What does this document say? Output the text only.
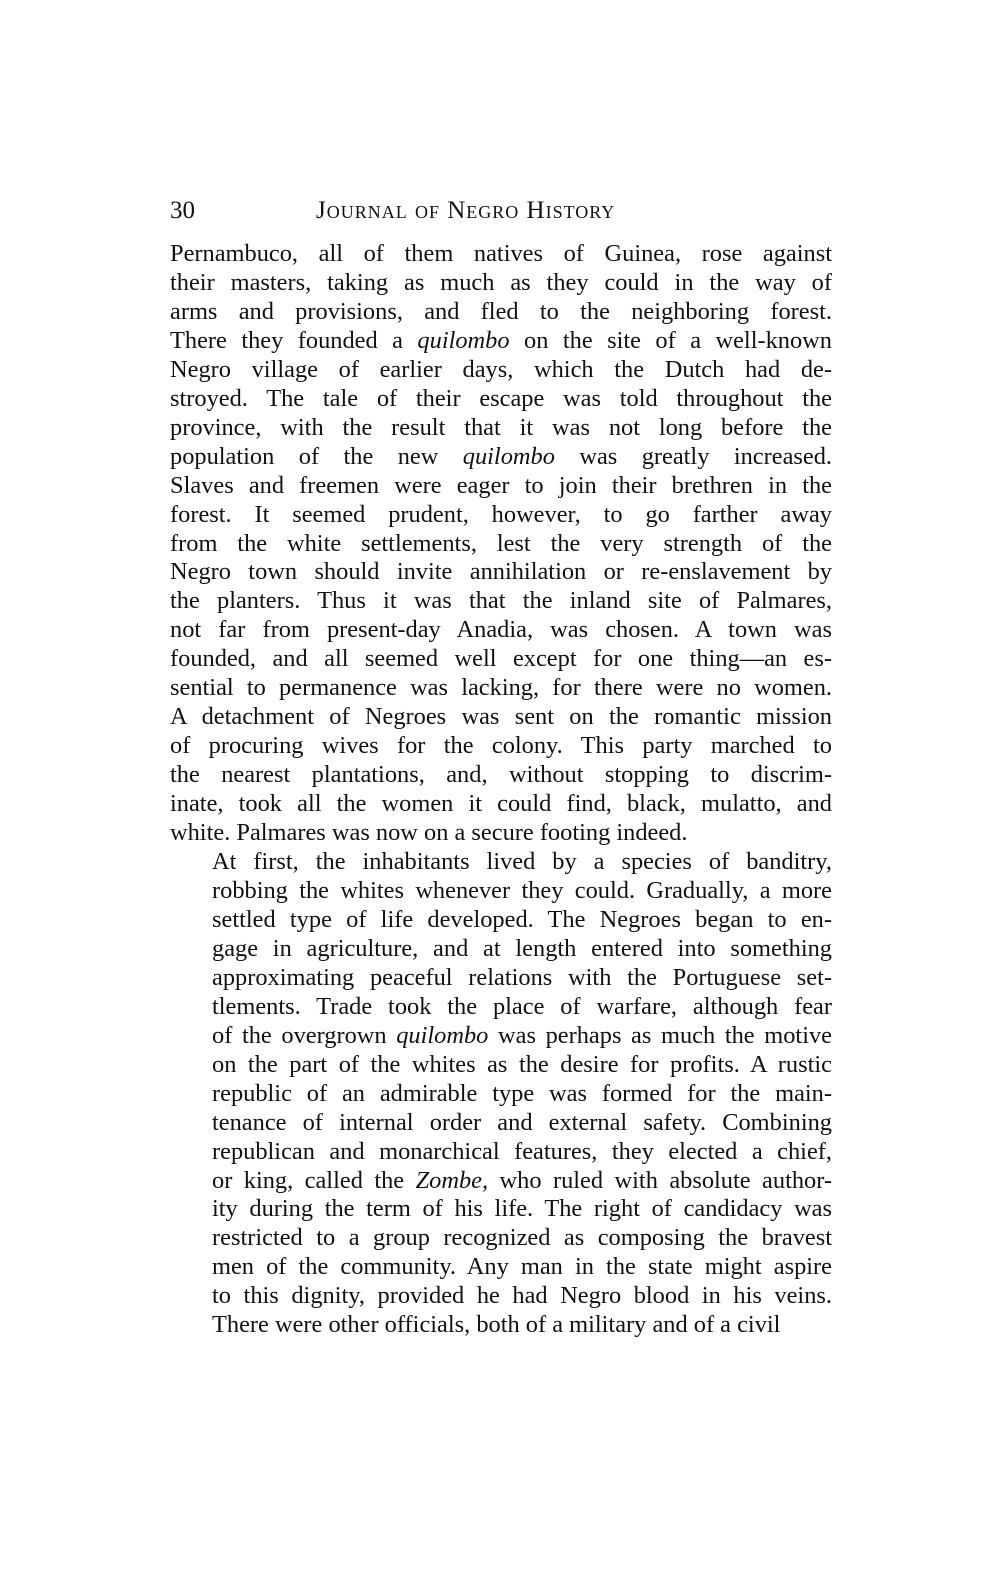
30	Journal of Negro History

Pernambuco, all of them natives of Guinea, rose against
their masters, taking as much as they could in the way of
arms and provisions, and fled to the neighboring forest.
There they founded a quilombo on the site of a well-known
Negro village of earlier days, which the Dutch had de-
stroyed. The tale of their escape was told throughout the
province, with the result that it was not long before the
population of the new quilombo was greatly increased.
Slaves and freemen were eager to join their brethren in the
forest. It seemed prudent, however, to go farther away
from the white settlements, lest the very strength of the
Negro town should invite annihilation or re-enslavement by
the planters. Thus it was that the inland site of Palmares,
not far from present-day Anadia, was chosen. A town was
founded, and all seemed well except for one thing—an es-
sential to permanence was lacking, for there were no women.
A detachment of Negroes was sent on the romantic mission
of procuring wives for the colony. This party marched to
the nearest plantations, and, without stopping to discrim-
inate, took all the women it could find, black, mulatto, and
white. Palmares was now on a secure footing indeed.

At first, the inhabitants lived by a species of banditry,
robbing the whites whenever they could. Gradually, a more
settled type of life developed. The Negroes began to en-
gage in agriculture, and at length entered into something
approximating peaceful relations with the Portuguese set-
tlements. Trade took the place of warfare, although fear
of the overgrown quilombo was perhaps as much the motive
on the part of the whites as the desire for profits. A rustic
republic of an admirable type was formed for the main-
tenance of internal order and external safety. Combining
republican and monarchical features, they elected a chief,
or king, called the Zombe, who ruled with absolute author-
ity during the term of his life. The right of candidacy was
restricted to a group recognized as composing the bravest
men of the community. Any man in the state might aspire
to this dignity, provided he had Negro blood in his veins.
There were other officials, both of a military and of a civil
